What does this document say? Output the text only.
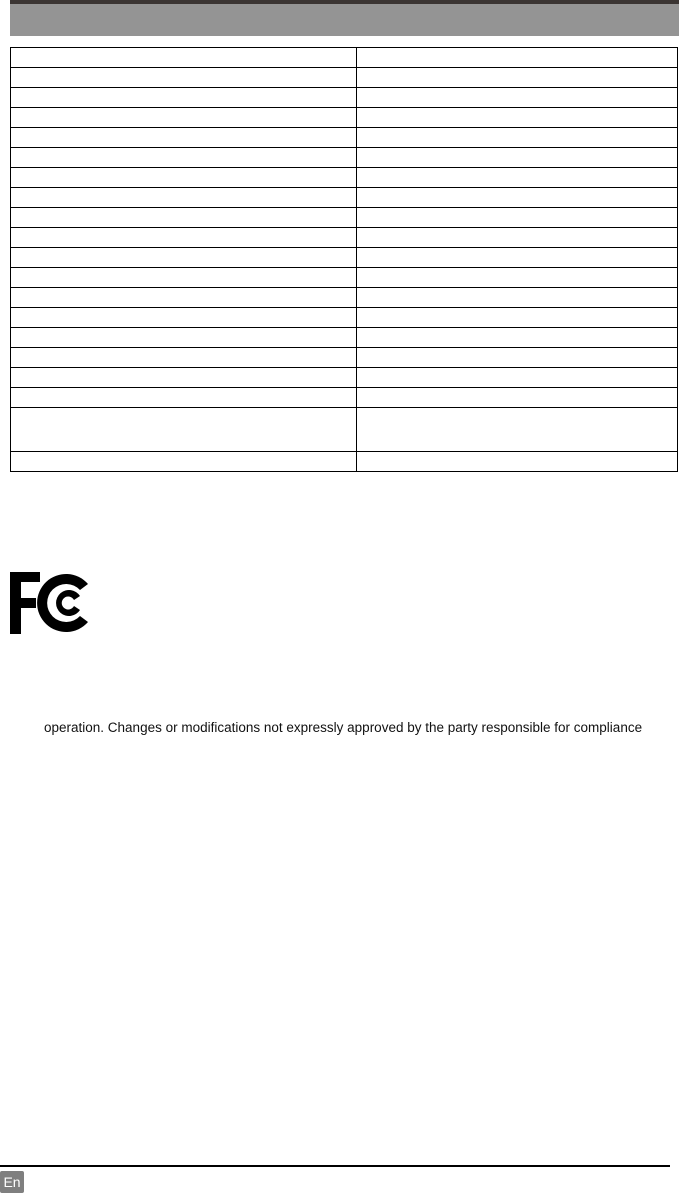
operation. Changes or modifications not expressly approved by the party responsible for compliance
En
